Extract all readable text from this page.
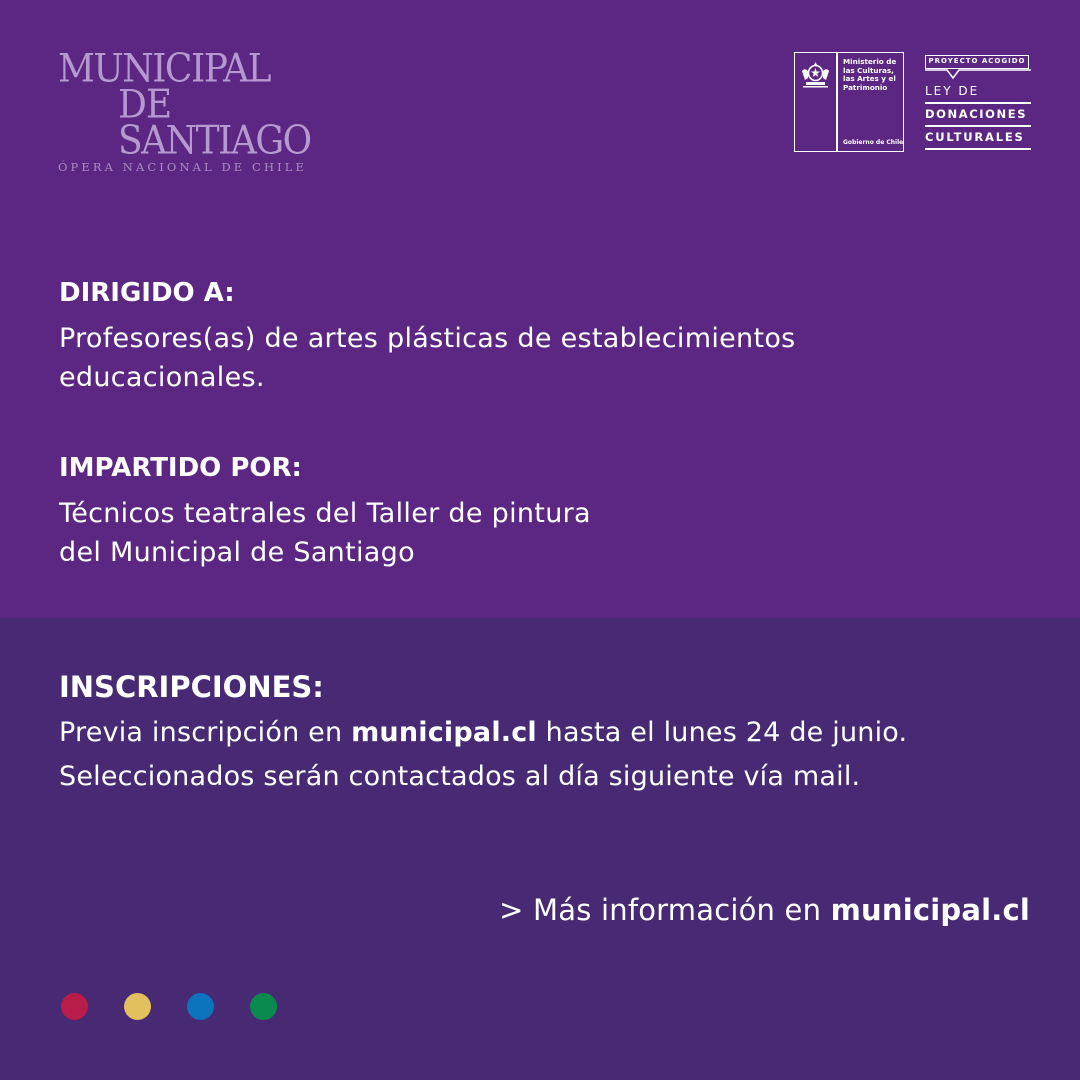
MUNICIPAL
DE
SANTIAGO
ÓPERA NACIONAL DE CHILE
Ministerio de
las Culturas,
las Artes y el
Patrimonio
Gobierno de Chile
PROYECTO ACOGIDO
LEY DE
DONACIONES
CULTURALES
DIRIGIDO A:
Profesores(as) de artes plásticas de establecimientos
educacionales.
IMPARTIDO POR:
Técnicos teatrales del Taller de pintura
del Municipal de Santiago
INSCRIPCIONES:
Previa inscripción en municipal.cl hasta el lunes 24 de junio.
Seleccionados serán contactados al día siguiente vía mail.
> Más información en municipal.cl
